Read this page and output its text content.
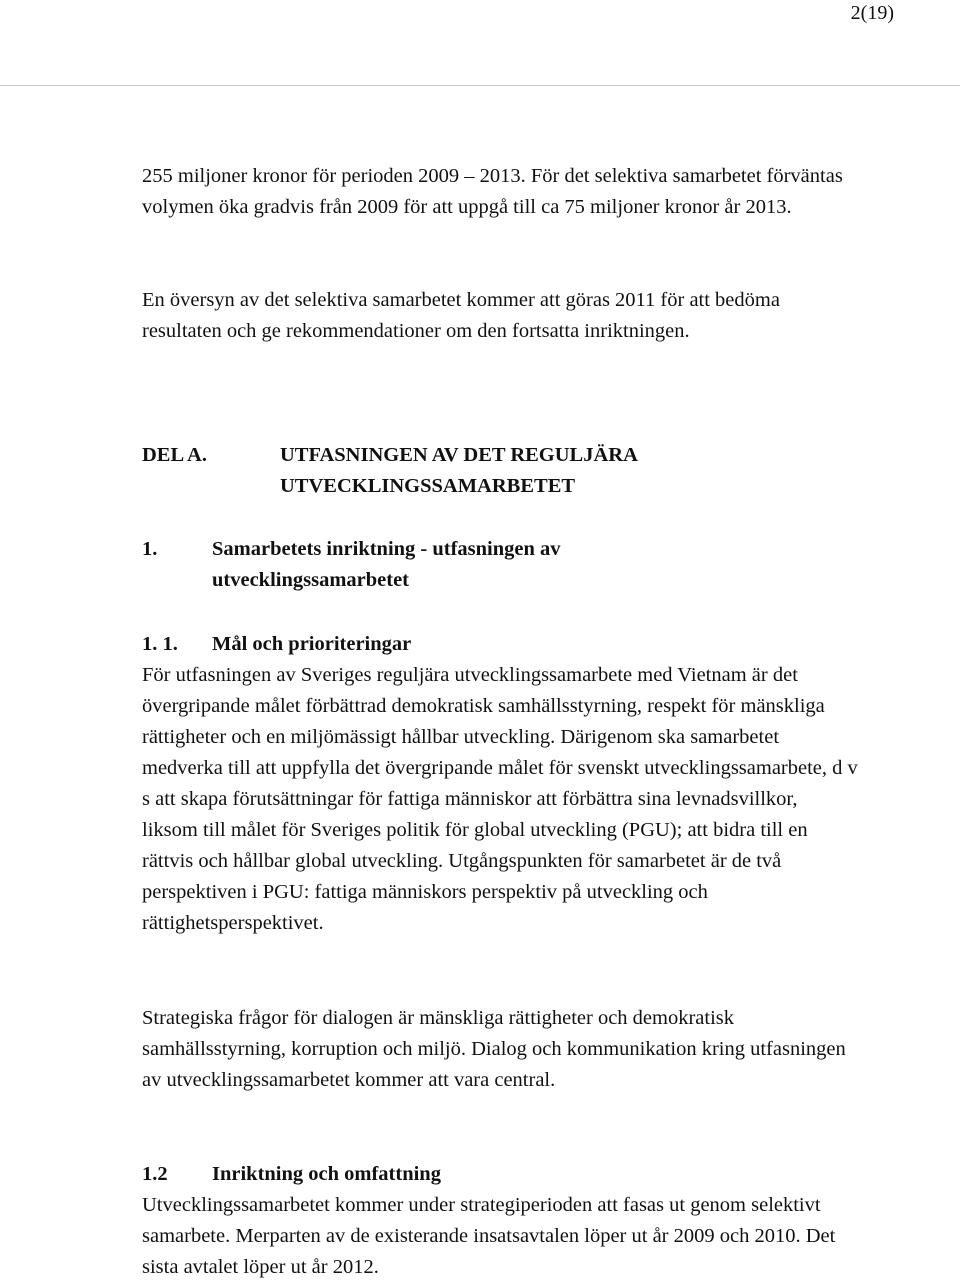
2(19)

255 miljoner kronor för perioden 2009 – 2013. För det selektiva samarbetet förväntas volymen öka gradvis från 2009 för att uppgå till ca 75 miljoner kronor år 2013.

En översyn av det selektiva samarbetet kommer att göras 2011 för att bedöma resultaten och ge rekommendationer om den fortsatta inriktningen.

DEL A.	UTFASNINGEN AV DET REGULJÄRA
UTVECKLINGSSAMARBETET
1.	Samarbetets inriktning - utfasningen av
utvecklingssamarbetet
1. 1. Mål och prioriteringar

För utfasningen av Sveriges reguljära utvecklingssamarbete med Vietnam är det övergripande målet förbättrad demokratisk samhällsstyrning, respekt för mänskliga rättigheter och en miljömässigt hållbar utveckling. Därigenom ska samarbetet medverka till att uppfylla det övergripande målet för svenskt utvecklingssamarbete, d v s att skapa förutsättningar för fattiga människor att förbättra sina levnadsvillkor, liksom till målet för Sveriges politik för global utveckling (PGU); att bidra till en rättvis och hållbar global utveckling. Utgångspunkten för samarbetet är de två perspektiven i PGU: fattiga människors perspektiv på utveckling och rättighetsperspektivet.

Strategiska frågor för dialogen är mänskliga rättigheter och demokratisk samhällsstyrning, korruption och miljö. Dialog och kommunikation kring utfasningen av utvecklingssamarbetet kommer att vara central.

1.2 Inriktning och omfattning

Utvecklingssamarbetet kommer under strategiperioden att fasas ut genom selektivt samarbete. Merparten av de existerande insatsavtalen löper ut år 2009 och 2010. Det sista avtalet löper ut år 2012.
